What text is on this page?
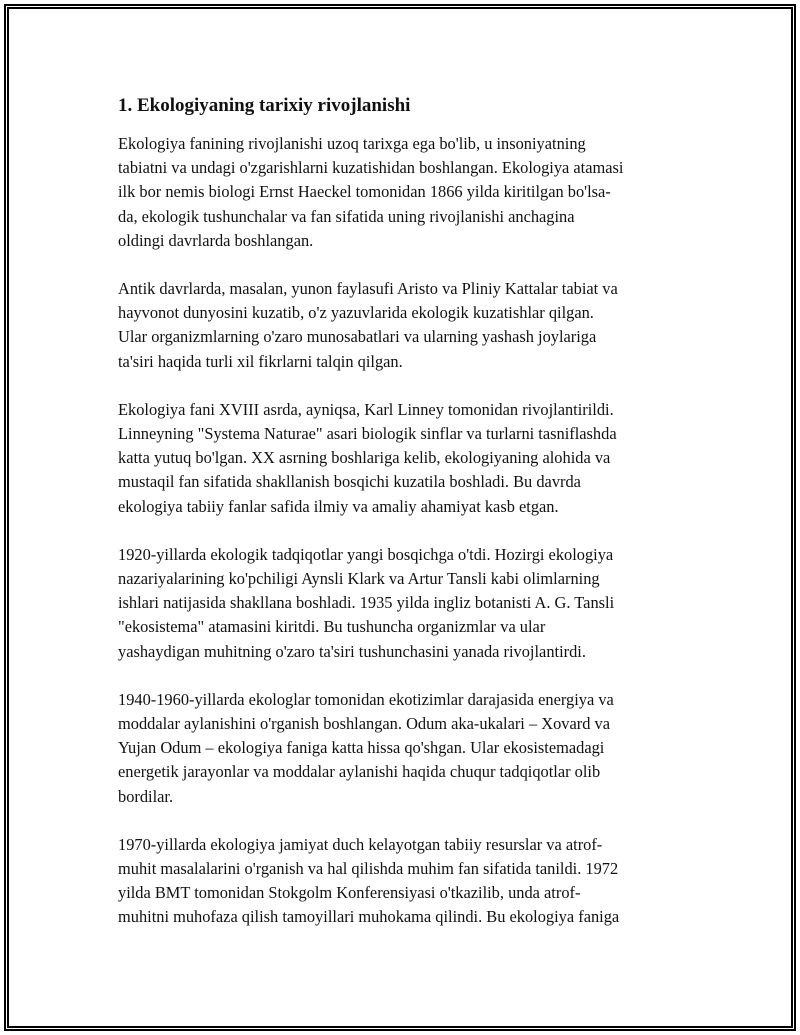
1. Ekologiyaning tarixiy rivojlanishi

Ekologiya fanining rivojlanishi uzoq tarixga ega bo'lib, u insoniyatning
tabiatni va undagi o'zgarishlarni kuzatishidan boshlangan. Ekologiya atamasi
ilk bor nemis biologi Ernst Haeckel tomonidan 1866 yilda kiritilgan bo'lsa-
da, ekologik tushunchalar va fan sifatida uning rivojlanishi anchagina
oldingi davrlarda boshlangan.

Antik davrlarda, masalan, yunon faylasufi Aristo va Pliniy Kattalar tabiat va
hayvonot dunyosini kuzatib, o'z yazuvlarida ekologik kuzatishlar qilgan.
Ular organizmlarning o'zaro munosabatlari va ularning yashash joylariga
ta'siri haqida turli xil fikrlarni talqin qilgan.

Ekologiya fani XVIII asrda, ayniqsa, Karl Linney tomonidan rivojlantirildi.
Linneyning "Systema Naturae" asari biologik sinflar va turlarni tasniflashda
katta yutuq bo'lgan. XX asrning boshlariga kelib, ekologiyaning alohida va
mustaqil fan sifatida shakllanish bosqichi kuzatila boshladi. Bu davrda
ekologiya tabiiy fanlar safida ilmiy va amaliy ahamiyat kasb etgan.

1920-yillarda ekologik tadqiqotlar yangi bosqichga o'tdi. Hozirgi ekologiya
nazariyalarining ko'pchiligi Aynsli Klark va Artur Tansli kabi olimlarning
ishlari natijasida shakllana boshladi. 1935 yilda ingliz botanisti A. G. Tansli
"ekosistema" atamasini kiritdi. Bu tushuncha organizmlar va ular
yashaydigan muhitning o'zaro ta'siri tushunchasini yanada rivojlantirdi.

1940-1960-yillarda ekologlar tomonidan ekotizimlar darajasida energiya va
moddalar aylanishini o'rganish boshlangan. Odum aka-ukalari – Xovard va
Yujan Odum – ekologiya faniga katta hissa qo'shgan. Ular ekosistemadagi
energetik jarayonlar va moddalar aylanishi haqida chuqur tadqiqotlar olib
bordilar.

1970-yillarda ekologiya jamiyat duch kelayotgan tabiiy resurslar va atrof-
muhit masalalarini o'rganish va hal qilishda muhim fan sifatida tanildi. 1972
yilda BMT tomonidan Stokgolm Konferensiyasi o'tkazilib, unda atrof-
muhitni muhofaza qilish tamoyillari muhokama qilindi. Bu ekologiya faniga
